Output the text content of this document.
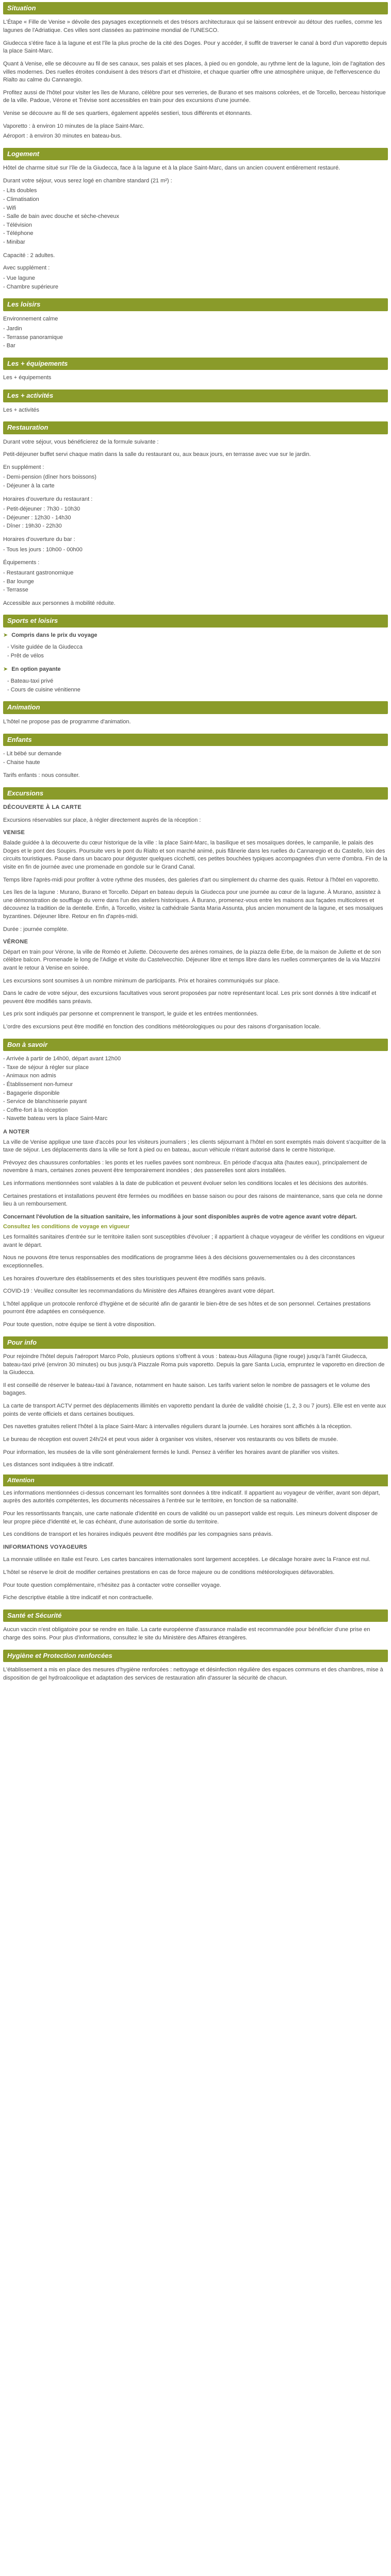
Situation

L'Étape « Fille de Venise » dévoile des paysages exceptionnels et des trésors architecturaux qui se laissent entrevoir au détour des ruelles, comme les lagunes de l'Adriatique. Ces villes sont classées au patrimoine mondial de l'UNESCO.

Giudecca s'étire face à la lagune et est l'île la plus proche de la cité des Doges. Pour y accéder, il suffit de traverser le canal à bord d'un vaporetto depuis la place Saint-Marc.

Quant à Venise, elle se découvre au fil de ses canaux, ses palais et ses places, à pied ou en gondole, au rythme lent de la lagune, loin de l'agitation des villes modernes. Des ruelles étroites conduisent à des trésors d'art et d'histoire, et chaque quartier offre une atmosphère unique, de l'effervescence du Rialto au calme du Cannaregio.

Profitez aussi de l'hôtel pour visiter les îles de Murano, célèbre pour ses verreries, de Burano et ses maisons colorées, et de Torcello, berceau historique de la ville. Padoue, Vérone et Trévise sont accessibles en train pour des excursions d'une journée.

Venise se découvre au fil de ses quartiers, également appelés sestieri, tous différents et étonnants.

Vaporetto : à environ 10 minutes de la place Saint-Marc.

Aéroport : à environ 30 minutes en bateau-bus.

Logement

Hôtel de charme situé sur l'île de la Giudecca, face à la lagune et à la place Saint-Marc, dans un ancien couvent entièrement restauré.

Durant votre séjour, vous serez logé en chambre standard (21 m²) :

- Lits doubles
- Climatisation
- Wifi
- Salle de bain avec douche et sèche-cheveux
- Télévision
- Téléphone
- Minibar

Capacité : 2 adultes.

Avec supplément :

- Vue lagune
- Chambre supérieure
Les loisirs

Environnement calme

- Jardin
- Terrasse panoramique
- Bar
Les + équipements

Les + équipements

Les + activités

Les + activités

Restauration

Durant votre séjour, vous bénéficierez de la formule suivante :

Petit-déjeuner buffet servi chaque matin dans la salle du restaurant ou, aux beaux jours, en terrasse avec vue sur le jardin.

En supplément :

- Demi-pension (dîner hors boissons)
- Déjeuner à la carte

Horaires d'ouverture du restaurant :

- Petit-déjeuner : 7h30 - 10h30
- Déjeuner : 12h30 - 14h30
- Dîner : 19h30 - 22h30

Horaires d'ouverture du bar :

- Tous les jours : 10h00 - 00h00

Équipements :

- Restaurant gastronomique
- Bar lounge
- Terrasse

Accessible aux personnes à mobilité réduite.

Sports et loisirs
➤ Compris dans le prix du voyage
- Visite guidée de la Giudecca
- Prêt de vélos
➤ En option payante
- Bateau-taxi privé
- Cours de cuisine vénitienne
Animation

L'hôtel ne propose pas de programme d'animation.

Enfants
- Lit bébé sur demande
- Chaise haute

Tarifs enfants : nous consulter.

Excursions

DÉCOUVERTE À LA CARTE

Excursions réservables sur place, à régler directement auprès de la réception :

VENISE

Balade guidée à la découverte du cœur historique de la ville : la place Saint-Marc, la basilique et ses mosaïques dorées, le campanile, le palais des Doges et le pont des Soupirs. Poursuite vers le pont du Rialto et son marché animé, puis flânerie dans les ruelles du Cannaregio et du Castello, loin des circuits touristiques. Pause dans un bacaro pour déguster quelques cicchetti, ces petites bouchées typiques accompagnées d'un verre d'ombra. Fin de la visite en fin de journée avec une promenade en gondole sur le Grand Canal.

Temps libre l'après-midi pour profiter à votre rythme des musées, des galeries d'art ou simplement du charme des quais. Retour à l'hôtel en vaporetto.

Les îles de la lagune : Murano, Burano et Torcello. Départ en bateau depuis la Giudecca pour une journée au cœur de la lagune. À Murano, assistez à une démonstration de soufflage du verre dans l'un des ateliers historiques. À Burano, promenez-vous entre les maisons aux façades multicolores et découvrez la tradition de la dentelle. Enfin, à Torcello, visitez la cathédrale Santa Maria Assunta, plus ancien monument de la lagune, et ses mosaïques byzantines. Déjeuner libre. Retour en fin d'après-midi.

Durée : journée complète.

VÉRONE

Départ en train pour Vérone, la ville de Roméo et Juliette. Découverte des arènes romaines, de la piazza delle Erbe, de la maison de Juliette et de son célèbre balcon. Promenade le long de l'Adige et visite du Castelvecchio. Déjeuner libre et temps libre dans les ruelles commerçantes de la via Mazzini avant le retour à Venise en soirée.

Les excursions sont soumises à un nombre minimum de participants. Prix et horaires communiqués sur place.

Dans le cadre de votre séjour, des excursions facultatives vous seront proposées par notre représentant local. Les prix sont donnés à titre indicatif et peuvent être modifiés sans préavis.

Les prix sont indiqués par personne et comprennent le transport, le guide et les entrées mentionnées.

L'ordre des excursions peut être modifié en fonction des conditions météorologiques ou pour des raisons d'organisation locale.

Bon à savoir
- Arrivée à partir de 14h00, départ avant 12h00
- Taxe de séjour à régler sur place
- Animaux non admis
- Établissement non-fumeur
- Bagagerie disponible
- Service de blanchisserie payant
- Coffre-fort à la réception
- Navette bateau vers la place Saint-Marc

A NOTER

La ville de Venise applique une taxe d'accès pour les visiteurs journaliers ; les clients séjournant à l'hôtel en sont exemptés mais doivent s'acquitter de la taxe de séjour. Les déplacements dans la ville se font à pied ou en bateau, aucun véhicule n'étant autorisé dans le centre historique.

Prévoyez des chaussures confortables : les ponts et les ruelles pavées sont nombreux. En période d'acqua alta (hautes eaux), principalement de novembre à mars, certaines zones peuvent être temporairement inondées ; des passerelles sont alors installées.

Les informations mentionnées sont valables à la date de publication et peuvent évoluer selon les conditions locales et les décisions des autorités.

Certaines prestations et installations peuvent être fermées ou modifiées en basse saison ou pour des raisons de maintenance, sans que cela ne donne lieu à un remboursement.

Concernant l'évolution de la situation sanitaire, les informations à jour sont disponibles auprès de votre agence avant votre départ.

Consultez les conditions de voyage en vigueur

Les formalités sanitaires d'entrée sur le territoire italien sont susceptibles d'évoluer ; il appartient à chaque voyageur de vérifier les conditions en vigueur avant le départ.

Nous ne pouvons être tenus responsables des modifications de programme liées à des décisions gouvernementales ou à des circonstances exceptionnelles.

Les horaires d'ouverture des établissements et des sites touristiques peuvent être modifiés sans préavis.

COVID-19 : Veuillez consulter les recommandations du Ministère des Affaires étrangères avant votre départ.

L'hôtel applique un protocole renforcé d'hygiène et de sécurité afin de garantir le bien-être de ses hôtes et de son personnel. Certaines prestations pourront être adaptées en conséquence.

Pour toute question, notre équipe se tient à votre disposition.

Pour info

Pour rejoindre l'hôtel depuis l'aéroport Marco Polo, plusieurs options s'offrent à vous : bateau-bus Alilaguna (ligne rouge) jusqu'à l'arrêt Giudecca, bateau-taxi privé (environ 30 minutes) ou bus jusqu'à Piazzale Roma puis vaporetto. Depuis la gare Santa Lucia, empruntez le vaporetto en direction de la Giudecca.

Il est conseillé de réserver le bateau-taxi à l'avance, notamment en haute saison. Les tarifs varient selon le nombre de passagers et le volume des bagages.

La carte de transport ACTV permet des déplacements illimités en vaporetto pendant la durée de validité choisie (1, 2, 3 ou 7 jours). Elle est en vente aux points de vente officiels et dans certaines boutiques.

Des navettes gratuites relient l'hôtel à la place Saint-Marc à intervalles réguliers durant la journée. Les horaires sont affichés à la réception.

Le bureau de réception est ouvert 24h/24 et peut vous aider à organiser vos visites, réserver vos restaurants ou vos billets de musée.

Pour information, les musées de la ville sont généralement fermés le lundi. Pensez à vérifier les horaires avant de planifier vos visites.

Les distances sont indiquées à titre indicatif.

Attention

Les informations mentionnées ci-dessus concernant les formalités sont données à titre indicatif. Il appartient au voyageur de vérifier, avant son départ, auprès des autorités compétentes, les documents nécessaires à l'entrée sur le territoire, en fonction de sa nationalité.

Pour les ressortissants français, une carte nationale d'identité en cours de validité ou un passeport valide est requis. Les mineurs doivent disposer de leur propre pièce d'identité et, le cas échéant, d'une autorisation de sortie du territoire.

Les conditions de transport et les horaires indiqués peuvent être modifiés par les compagnies sans préavis.

INFORMATIONS VOYAGEURS

La monnaie utilisée en Italie est l'euro. Les cartes bancaires internationales sont largement acceptées. Le décalage horaire avec la France est nul.

L'hôtel se réserve le droit de modifier certaines prestations en cas de force majeure ou de conditions météorologiques défavorables.

Pour toute question complémentaire, n'hésitez pas à contacter votre conseiller voyage.

Fiche descriptive établie à titre indicatif et non contractuelle.

Santé et Sécurité

Aucun vaccin n'est obligatoire pour se rendre en Italie. La carte européenne d'assurance maladie est recommandée pour bénéficier d'une prise en charge des soins. Pour plus d'informations, consultez le site du Ministère des Affaires étrangères.

Hygiène et Protection renforcées

L'établissement a mis en place des mesures d'hygiène renforcées : nettoyage et désinfection régulière des espaces communs et des chambres, mise à disposition de gel hydroalcoolique et adaptation des services de restauration afin d'assurer la sécurité de chacun.
